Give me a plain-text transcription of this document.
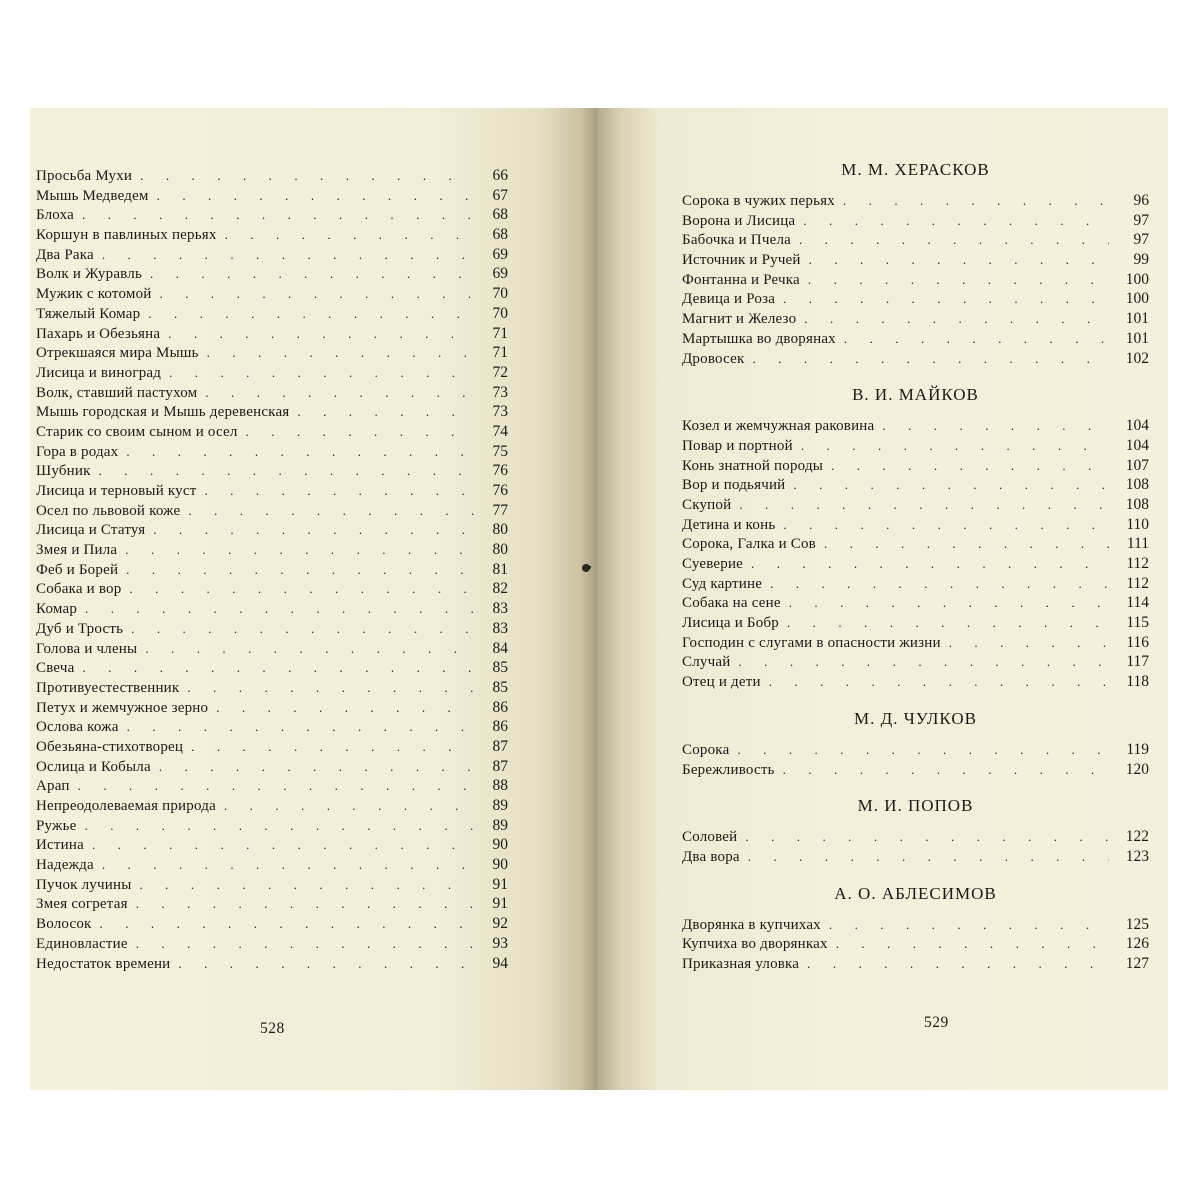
Просьба Мухи . . .	66
Мышь Медведем . . .	67
Блоха . . .	68
Коршун в павлиных перьях . . .	68
Два Рака . . .	69
Волк и Журавль . . .	69
Мужик с котомой . . .	70
Тяжелый Комар . . .	70
Пахарь и Обезьяна . . .	71
Отрекшаяся мира Мышь . . .	71
Лисица и виноград . . .	72
Волк, ставший пастухом . . .	73
Мышь городская и Мышь деревенская . . .	73
Старик со своим сыном и осел . . .	74
Гора в родах . . .	75
Шубник . . .	76
Лисица и терновый куст . . .	76
Осел по львовой коже . . .	77
Лисица и Статуя . . .	80
Змея и Пила . . .	80
Феб и Борей . . .	81
Собака и вор . . .	82
Комар . . .	83
Дуб и Трость . . .	83
Голова и члены . . .	84
Свеча . . .	85
Противуестественник . . .	85
Петух и жемчужное зерно . . .	86
Ослова кожа . . .	86
Обезьяна-стихотворец . . .	87
Ослица и Кобыла . . .	87
Арап . . .	88
Непреодолеваемая природа . . .	89
Ружье . . .	89
Истина . . .	90
Надежда . . .	90
Пучок лучины . . .	91
Змея согретая . . .	91
Волосок . . .	92
Единовластие . . .	93
Недостаток времени . . .	94
528
М. М. ХЕРАСКОВ
Сорока в чужих перьях . . .	96
Ворона и Лисица . . .	97
Бабочка и Пчела . . .	97
Источник и Ручей . . .	99
Фонтанна и Речка . . .	100
Девица и Роза . . .	100
Магнит и Железо . . .	101
Мартышка во дворянах . . .	101
Дровосек . . .	102
В. И. МАЙКОВ
Козел и жемчужная раковина . . .	104
Повар и портной . . .	104
Конь знатной породы . . .	107
Вор и подьячий . . .	108
Скупой . . .	108
Детина и конь . . .	110
Сорока, Галка и Сов . . .	111
Суеверие . . .	112
Суд картине . . .	112
Собака на сене . . .	114
Лисица и Бобр . . .	115
Господин с слугами в опасности жизни . . .	116
Случай . . .	117
Отец и дети . . .	118
М. Д. ЧУЛКОВ
Сорока . . .	119
Бережливость . . .	120
М. И. ПОПОВ
Соловей . . .	122
Два вора . . .	123
А. О. АБЛЕСИМОВ
Дворянка в купчихах . . .	125
Купчиха во дворянках . . .	126
Приказная уловка . . .	127
529
